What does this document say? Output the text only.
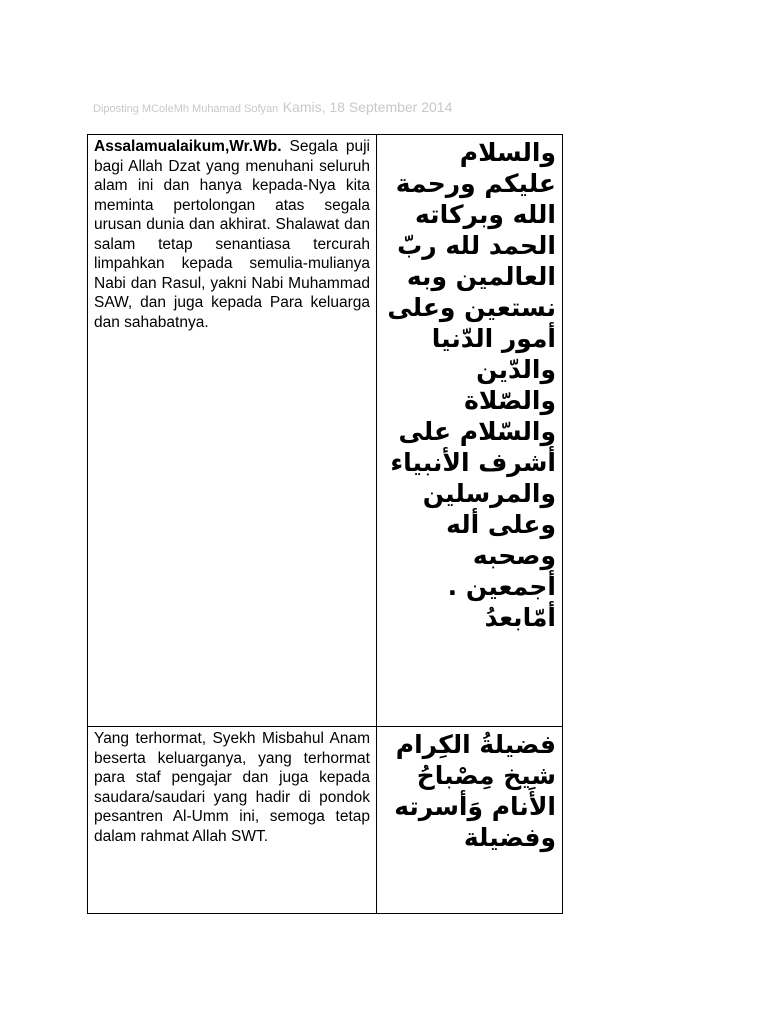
Diposting MColeMh Muhamad Sofyan Kamis, 18 September 2014
Assalamualaikum,Wr.Wb. Segala puji bagi Allah Dzat yang menuhani seluruh alam ini dan hanya kepada-Nya kita meminta pertolongan atas segala urusan dunia dan akhirat. Shalawat dan salam tetap senantiasa tercurah limpahkan kepada semulia-mulianya Nabi dan Rasul, yakni Nabi Muhammad SAW, dan juga kepada Para keluarga dan sahabatnya.	والسلام عليكم ورحمة الله وبركاته الحمد لله ربّ العالمين وبه نستعين وعلى أمور الدّنيا والدّين والصّلاة والسّلام على أشرف الأنبياء والمرسلين وعلى أله وصحبه أجمعين . أمّابعدُ

Yang terhormat, Syekh Misbahul Anam beserta keluarganya, yang terhormat para staf pengajar dan juga kepada saudara/saudari yang hadir di pondok pesantren Al-Umm ini, semoga tetap dalam rahmat Allah SWT.	فضيلةُ الكِرام شيخ مِصْباحُ الأَنام وَأسرته وفضيلة
